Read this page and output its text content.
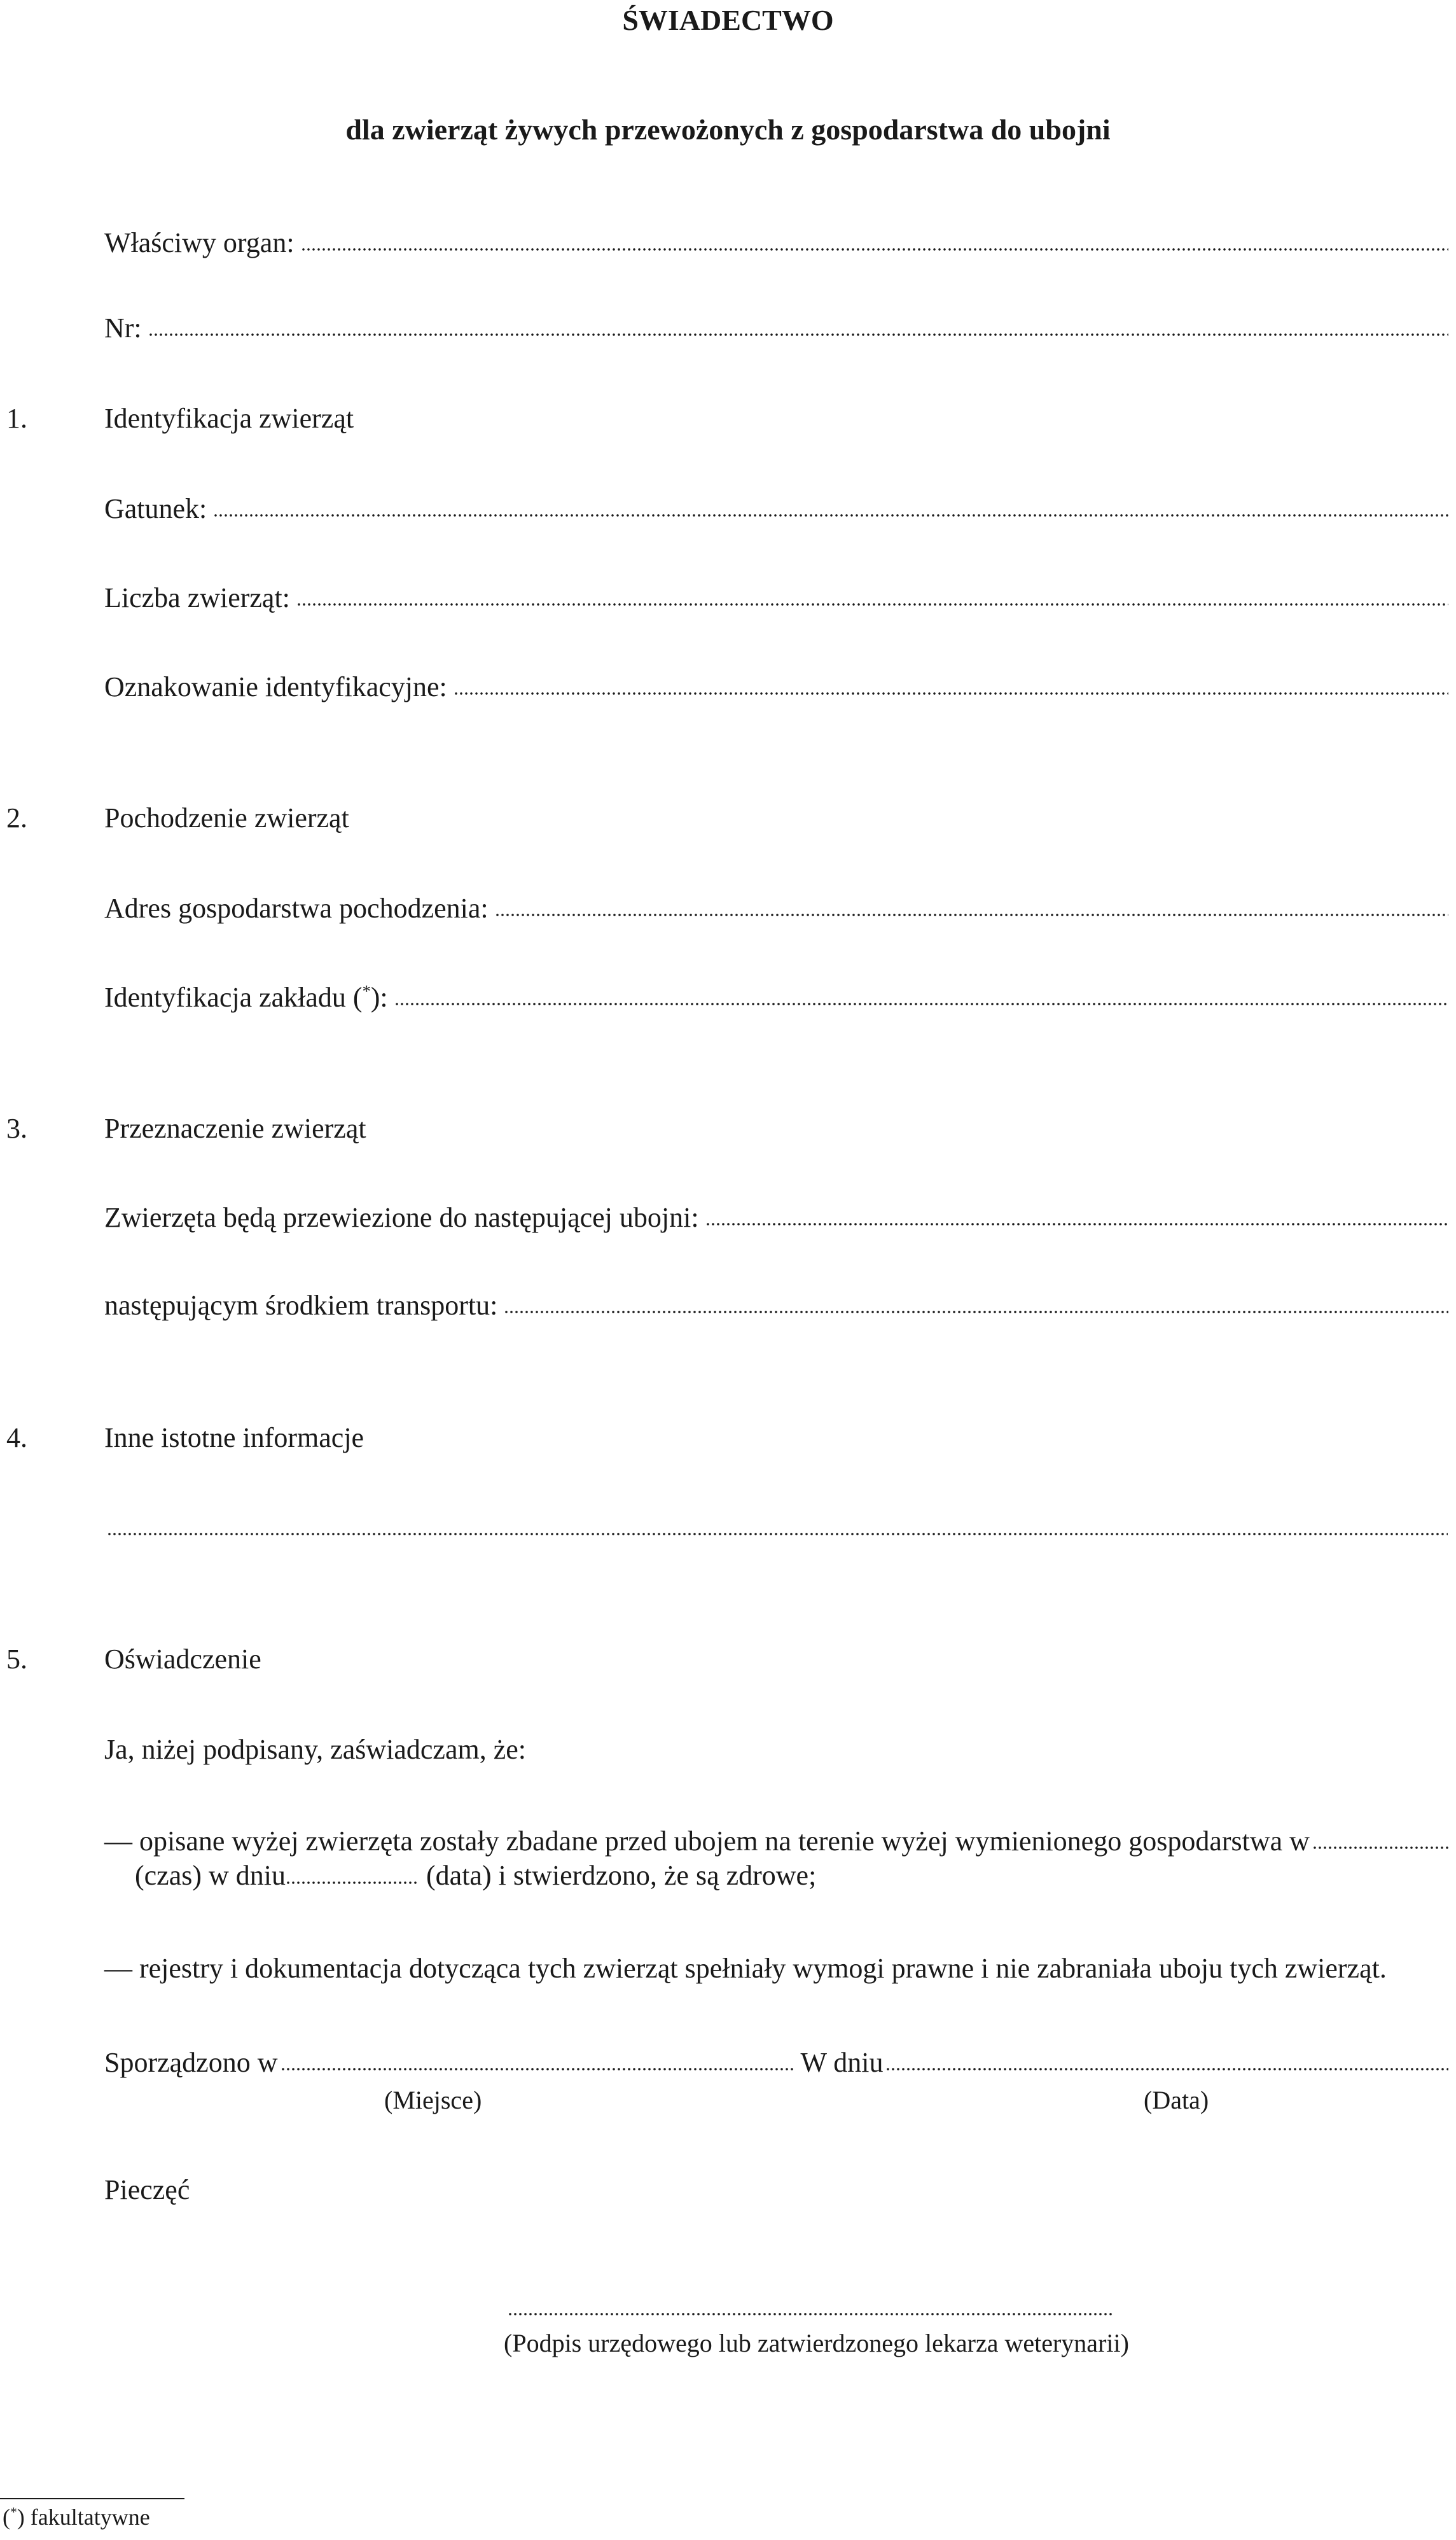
ŚWIADECTWO
dla zwierząt żywych przewożonych z gospodarstwa do ubojni
Właściwy organ:
Nr:
1.	Identyfikacja zwierząt
Gatunek:
Liczba zwierząt:
Oznakowanie identyfikacyjne:
2.	Pochodzenie zwierząt
Adres gospodarstwa pochodzenia:
Identyfikacja zakładu (*):
3.	Przeznaczenie zwierząt
Zwierzęta będą przewiezione do następującej ubojni:
następującym środkiem transportu:
4.	Inne istotne informacje
5.	Oświadczenie
Ja, niżej podpisany, zaświadczam, że:
— opisane wyżej zwierzęta zostały zbadane przed ubojem na terenie wyżej wymienionego gospodarstwa w
(czas) w dniu	(data) i stwierdzono, że są zdrowe;
— rejestry i dokumentacja dotycząca tych zwierząt spełniały wymogi prawne i nie zabraniała uboju tych zwierząt.
Sporządzono w	W dniu
(Miejsce)	(Data)
Pieczęć
(Podpis urzędowego lub zatwierdzonego lekarza weterynarii)
(*) fakultatywne
